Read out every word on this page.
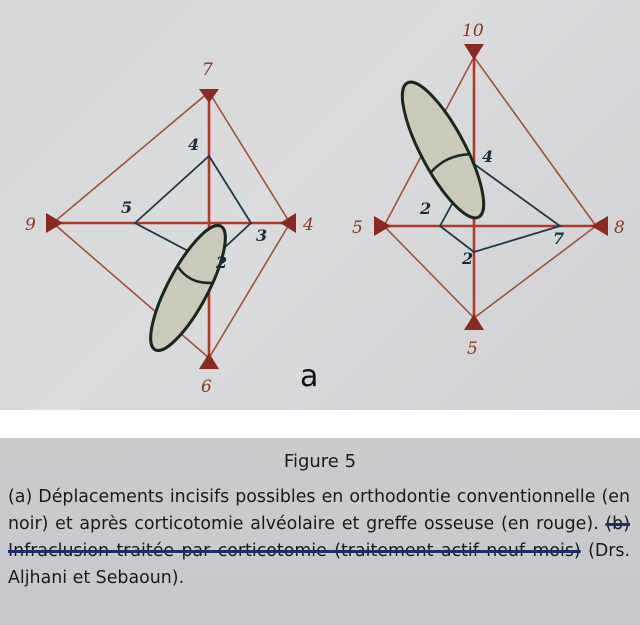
7
9	4
6
4
5
3
2
10
5	8
5
4
2
7
2
a
Figure 5

(a) Déplacements incisifs possibles en orthodontie conventionnelle (en noir) et après corticotomie alvéolaire et greffe osseuse (en rouge). (b) Infraclusion traitée par corticotomie (traitement actif neuf mois) (Drs. Aljhani et Sebaoun).
